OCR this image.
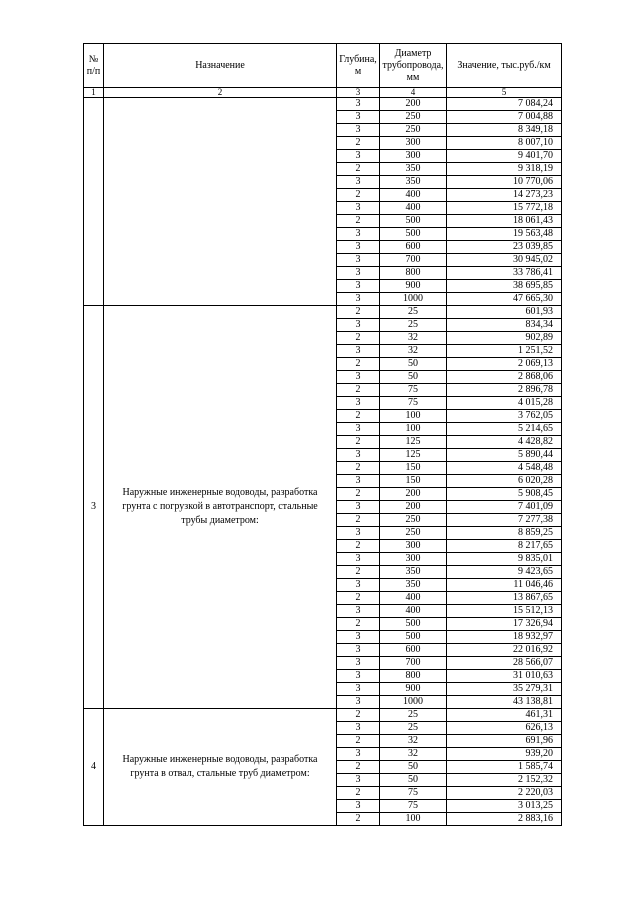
№ п/п	Назначение	Глубина, м	Диаметр трубопровода, мм	Значение, тыс.руб./км
1	2	3	4	5
		3	200	7 084,24
		3	250	7 004,88
		3	250	8 349,18
		2	300	8 007,10
		3	300	9 401,70
		2	350	9 318,19
		3	350	10 770,06
		2	400	14 273,23
		3	400	15 772,18
		2	500	18 061,43
		3	500	19 563,48
		3	600	23 039,85
		3	700	30 945,02
		3	800	33 786,41
		3	900	38 695,85
		3	1000	47 665,30
3	Наружные инженерные водоводы, разработка грунта с погрузкой в автотранспорт, стальные трубы диаметром:	2	25	601,93
		3	25	834,34
		2	32	902,89
		3	32	1 251,52
		2	50	2 069,13
		3	50	2 868,06
		2	75	2 896,78
		3	75	4 015,28
		2	100	3 762,05
		3	100	5 214,65
		2	125	4 428,82
		3	125	5 890,44
		2	150	4 548,48
		3	150	6 020,28
		2	200	5 908,45
		3	200	7 401,09
		2	250	7 277,38
		3	250	8 859,25
		2	300	8 217,65
		3	300	9 835,01
		2	350	9 423,65
		3	350	11 046,46
		2	400	13 867,65
		3	400	15 512,13
		2	500	17 326,94
		3	500	18 932,97
		3	600	22 016,92
		3	700	28 566,07
		3	800	31 010,63
		3	900	35 279,31
		3	1000	43 138,81
4	Наружные инженерные водоводы, разработка грунта в отвал, стальные труб диаметром:	2	25	461,31
		3	25	626,13
		2	32	691,96
		3	32	939,20
		2	50	1 585,74
		3	50	2 152,32
		2	75	2 220,03
		3	75	3 013,25
		2	100	2 883,16
